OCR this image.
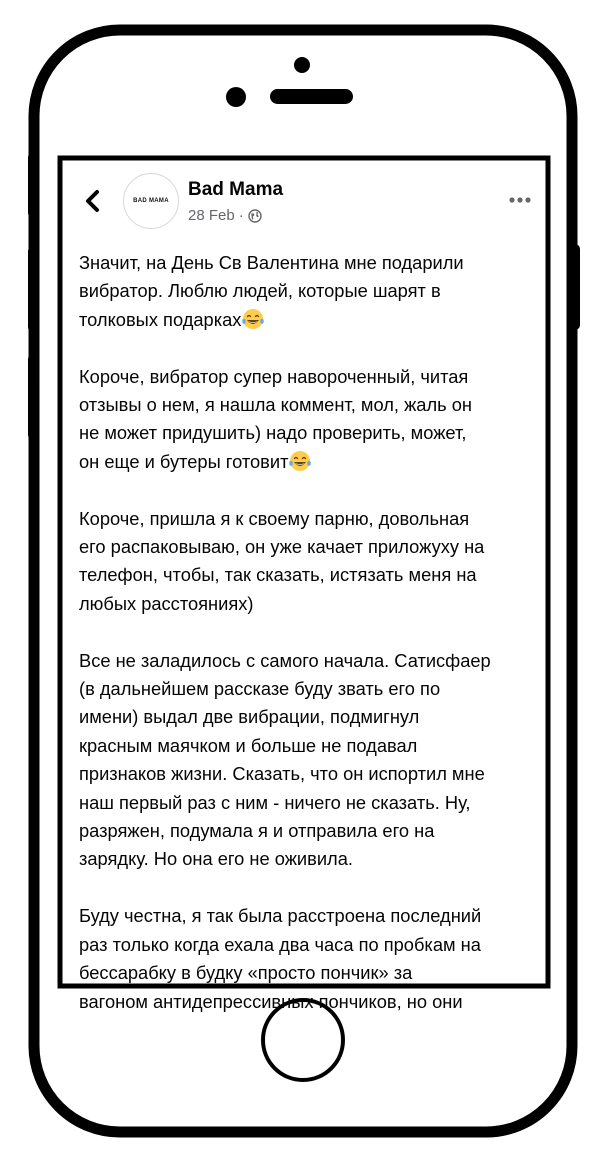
BAD MAMA
Bad Mama
28 Feb ·

Значит, на День Св Валентина мне подарили
вибратор. Люблю людей, которые шарят в
толковых подарках

Короче, вибратор супер навороченный, читая
отзывы о нем, я нашла коммент, мол, жаль он
не может придушить) надо проверить, может,
он еще и бутеры готовит

Короче, пришла я к своему парню, довольная
его распаковываю, он уже качает приложуху на
телефон, чтобы, так сказать, истязать меня на
любых расстояниях)

Все не заладилось с самого начала. Сатисфаер
(в дальнейшем рассказе буду звать его по
имени) выдал две вибрации, подмигнул
красным маячком и больше не подавал
признаков жизни. Сказать, что он испортил мне
наш первый раз с ним - ничего не сказать. Ну,
разряжен, подумала я и отправила его на
зарядку. Но она его не оживила.

Буду честна, я так была расстроена последний
раз только когда ехала два часа по пробкам на
бессарабку в будку «просто пончик» за
вагоном антидепрессивных пончиков, но они
